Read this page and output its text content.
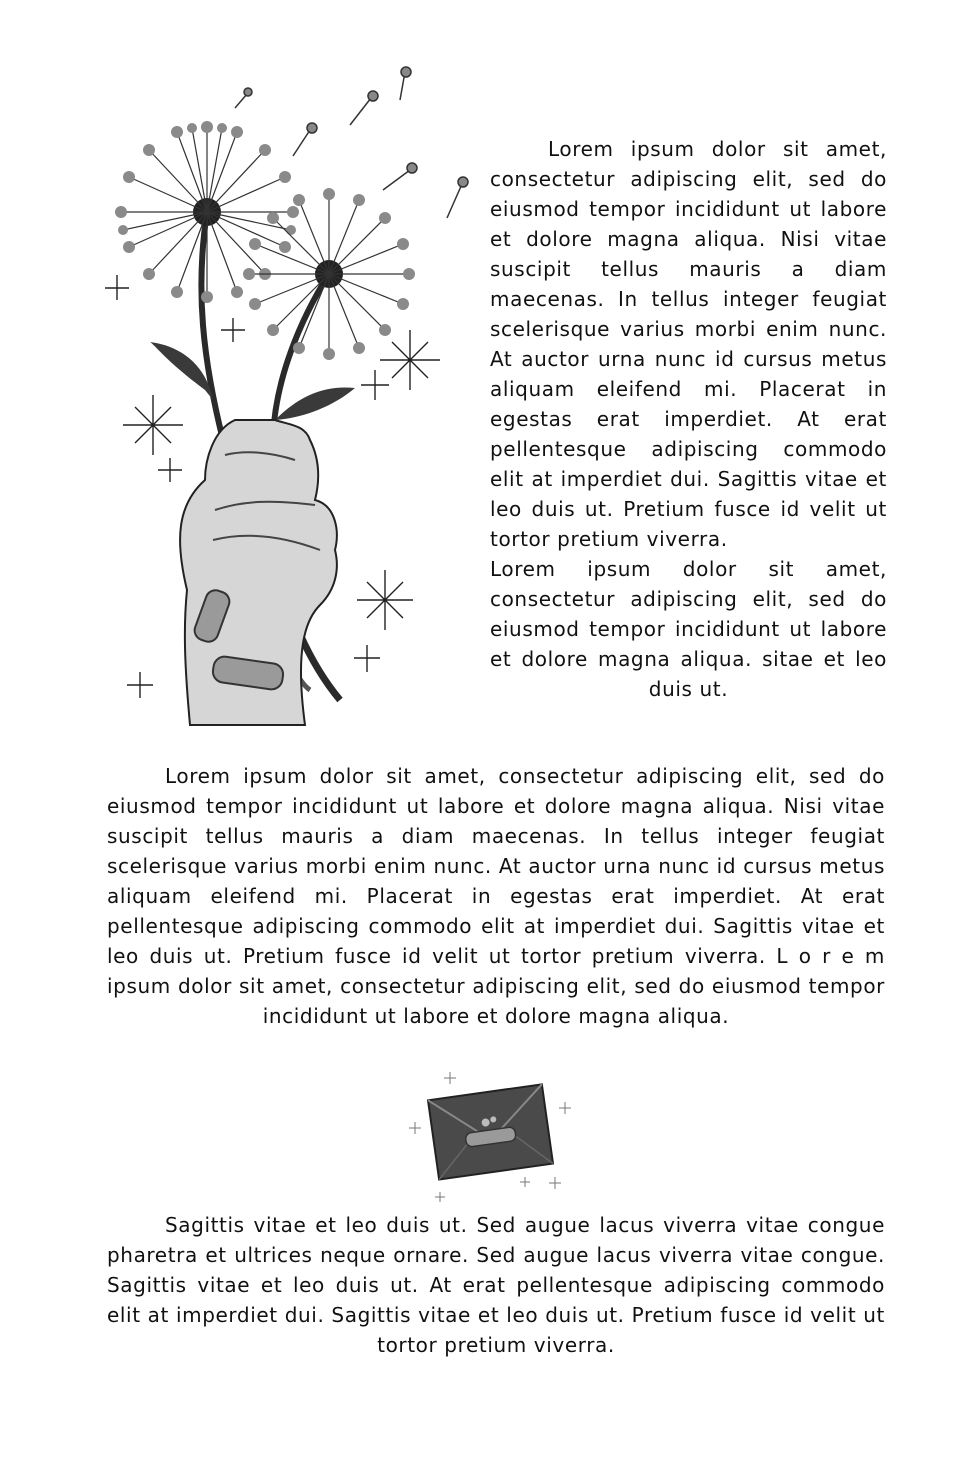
Lorem ipsum dolor sit amet, consectetur adipiscing elit, sed do eiusmod tempor incididunt ut labore et dolore magna aliqua. Nisi vitae suscipit tellus mauris a diam maecenas. In tellus integer feugiat scelerisque varius morbi enim nunc. At auctor urna nunc id cursus metus aliquam eleifend mi. Placerat in egestas erat imperdiet. At erat pellentesque adipiscing commodo elit at imperdiet dui. Sagittis vitae et leo duis ut. Pretium fusce id velit ut tortor pretium viverra.

Lorem ipsum dolor sit amet, consectetur adipiscing elit, sed do eiusmod tempor incididunt ut labore et dolore magna aliqua. sitae et leo duis ut.

Lorem ipsum dolor sit amet, consectetur adipiscing elit, sed do eiusmod tempor incididunt ut labore et dolore magna aliqua. Nisi vitae suscipit tellus mauris a diam maecenas. In tellus integer feugiat scelerisque varius morbi enim nunc. At auctor urna nunc id cursus metus aliquam eleifend mi. Placerat in egestas erat imperdiet. At erat pellentesque adipiscing commodo elit at imperdiet dui. Sagittis vitae et leo duis ut. Pretium fusce id velit ut tortor pretium viverra. L o r e m ipsum dolor sit amet, consectetur adipiscing elit, sed do eiusmod tempor incididunt ut labore et dolore magna aliqua.

Sagittis vitae et leo duis ut. Sed augue lacus viverra vitae congue pharetra et ultrices neque ornare. Sed augue lacus viverra vitae congue. Sagittis vitae et leo duis ut. At erat pellentesque adipiscing commodo elit at imperdiet dui. Sagittis vitae et leo duis ut. Pretium fusce id velit ut tortor pretium viverra.
